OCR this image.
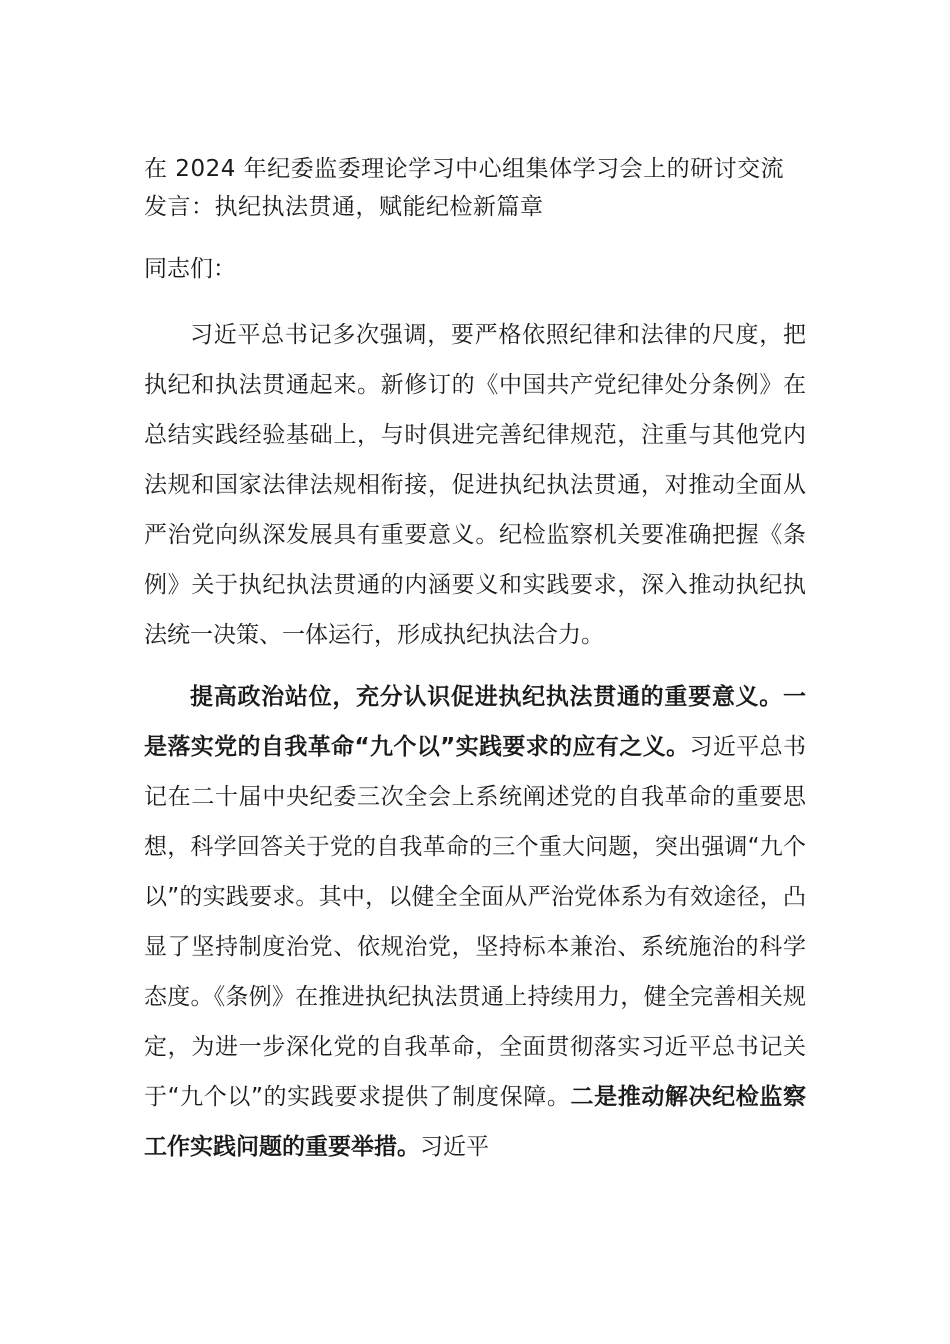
在 2024 年纪委监委理论学习中心组集体学习会上的研讨交流
发言：执纪执法贯通，赋能纪检新篇章
同志们：

习近平总书记多次强调，要严格依照纪律和法律的尺度，把执纪和执法贯通起来。新修订的《中国共产党纪律处分条例》在总结实践经验基础上，与时俱进完善纪律规范，注重与其他党内法规和国家法律法规相衔接，促进执纪执法贯通，对推动全面从严治党向纵深发展具有重要意义。纪检监察机关要准确把握《条例》关于执纪执法贯通的内涵要义和实践要求，深入推动执纪执法统一决策、一体运行，形成执纪执法合力。

提高政治站位，充分认识促进执纪执法贯通的重要意义。一是落实党的自我革命“九个以”实践要求的应有之义。习近平总书记在二十届中央纪委三次全会上系统阐述党的自我革命的重要思想，科学回答关于党的自我革命的三个重大问题，突出强调“九个以”的实践要求。其中，以健全全面从严治党体系为有效途径，凸显了坚持制度治党、依规治党，坚持标本兼治、系统施治的科学态度。《条例》在推进执纪执法贯通上持续用力，健全完善相关规定，为进一步深化党的自我革命，全面贯彻落实习近平总书记关于“九个以”的实践要求提供了制度保障。二是推动解决纪检监察工作实践问题的重要举措。习近平
